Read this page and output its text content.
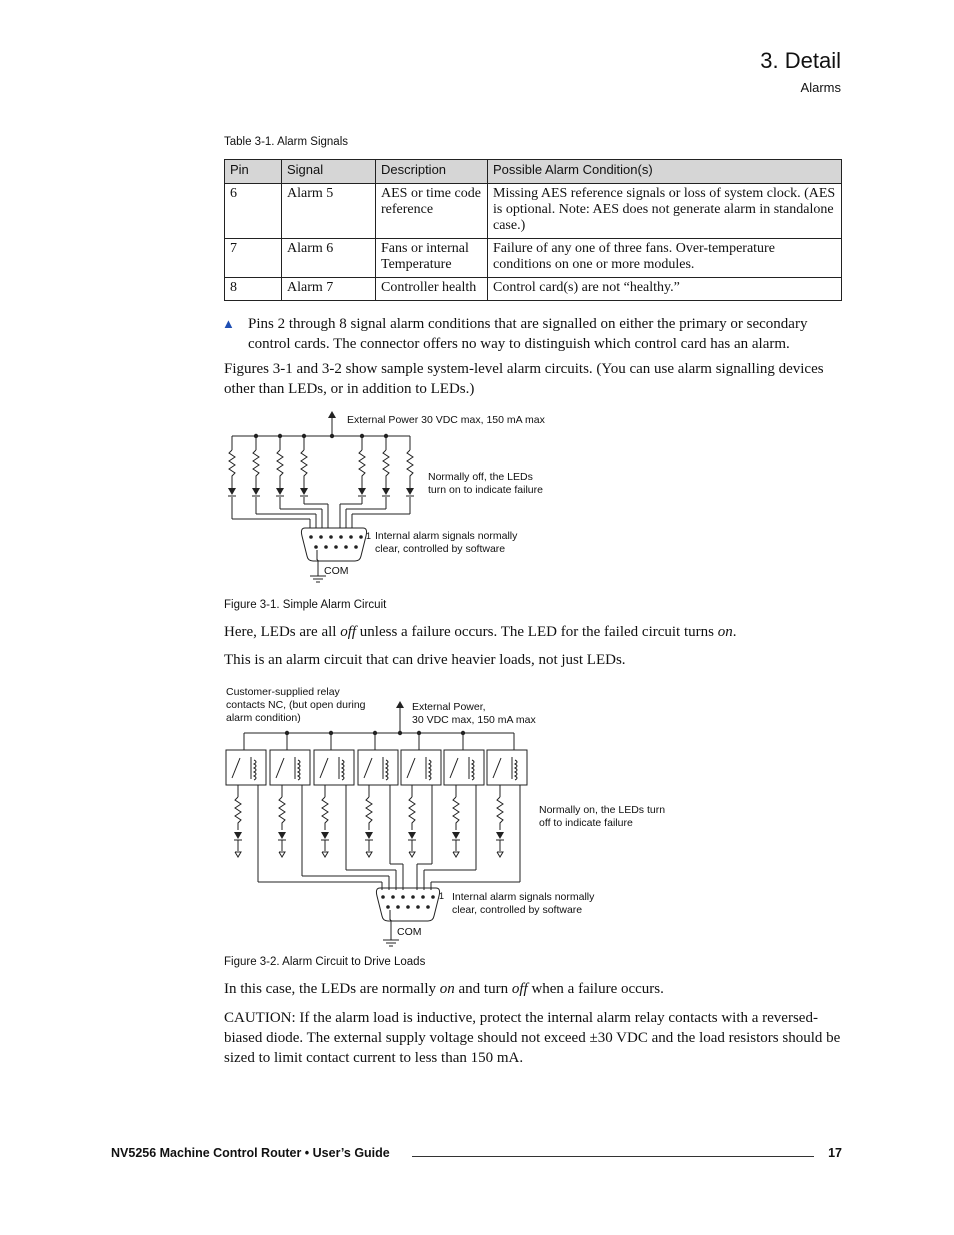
3. Detail
Alarms
Table 3-1. Alarm Signals
Pin	Signal	Description	Possible Alarm Condition(s)
6	Alarm 5	AES or time code reference	Missing AES reference signals or loss of system clock. (AES is optional. Note: AES does not generate alarm in standalone case.)
7	Alarm 6	Fans or internal Temperature	Failure of any one of three fans. Over-temperature conditions on one or more modules.
8	Alarm 7	Controller health	Control card(s) are not “healthy.”
▲ Pins 2 through 8 signal alarm conditions that are signalled on either the primary or secondary control cards. The connector offers no way to distinguish which control card has an alarm.
Figures 3-1 and 3-2 show sample system-level alarm circuits. (You can use alarm signalling devices other than LEDs, or in addition to LEDs.)
External Power 30 VDC max, 150 mA max
Normally off, the LEDs
turn on to indicate failure
1 Internal alarm signals normally
clear, controlled by software
COM
Figure 3-1. Simple Alarm Circuit
Here, LEDs are all off unless a failure occurs. The LED for the failed circuit turns on.
This is an alarm circuit that can drive heavier loads, not just LEDs.
Customer-supplied relay
contacts NC, (but open during
alarm condition)
External Power,
30 VDC max, 150 mA max
Normally on, the LEDs turn
off to indicate failure
1 Internal alarm signals normally
clear, controlled by software
COM
Figure 3-2. Alarm Circuit to Drive Loads
In this case, the LEDs are normally on and turn off when a failure occurs.
CAUTION: If the alarm load is inductive, protect the internal alarm relay contacts with a reversed-biased diode. The external supply voltage should not exceed ±30 VDC and the load resistors should be sized to limit contact current to less than 150 mA.
NV5256 Machine Control Router • User’s Guide	17
